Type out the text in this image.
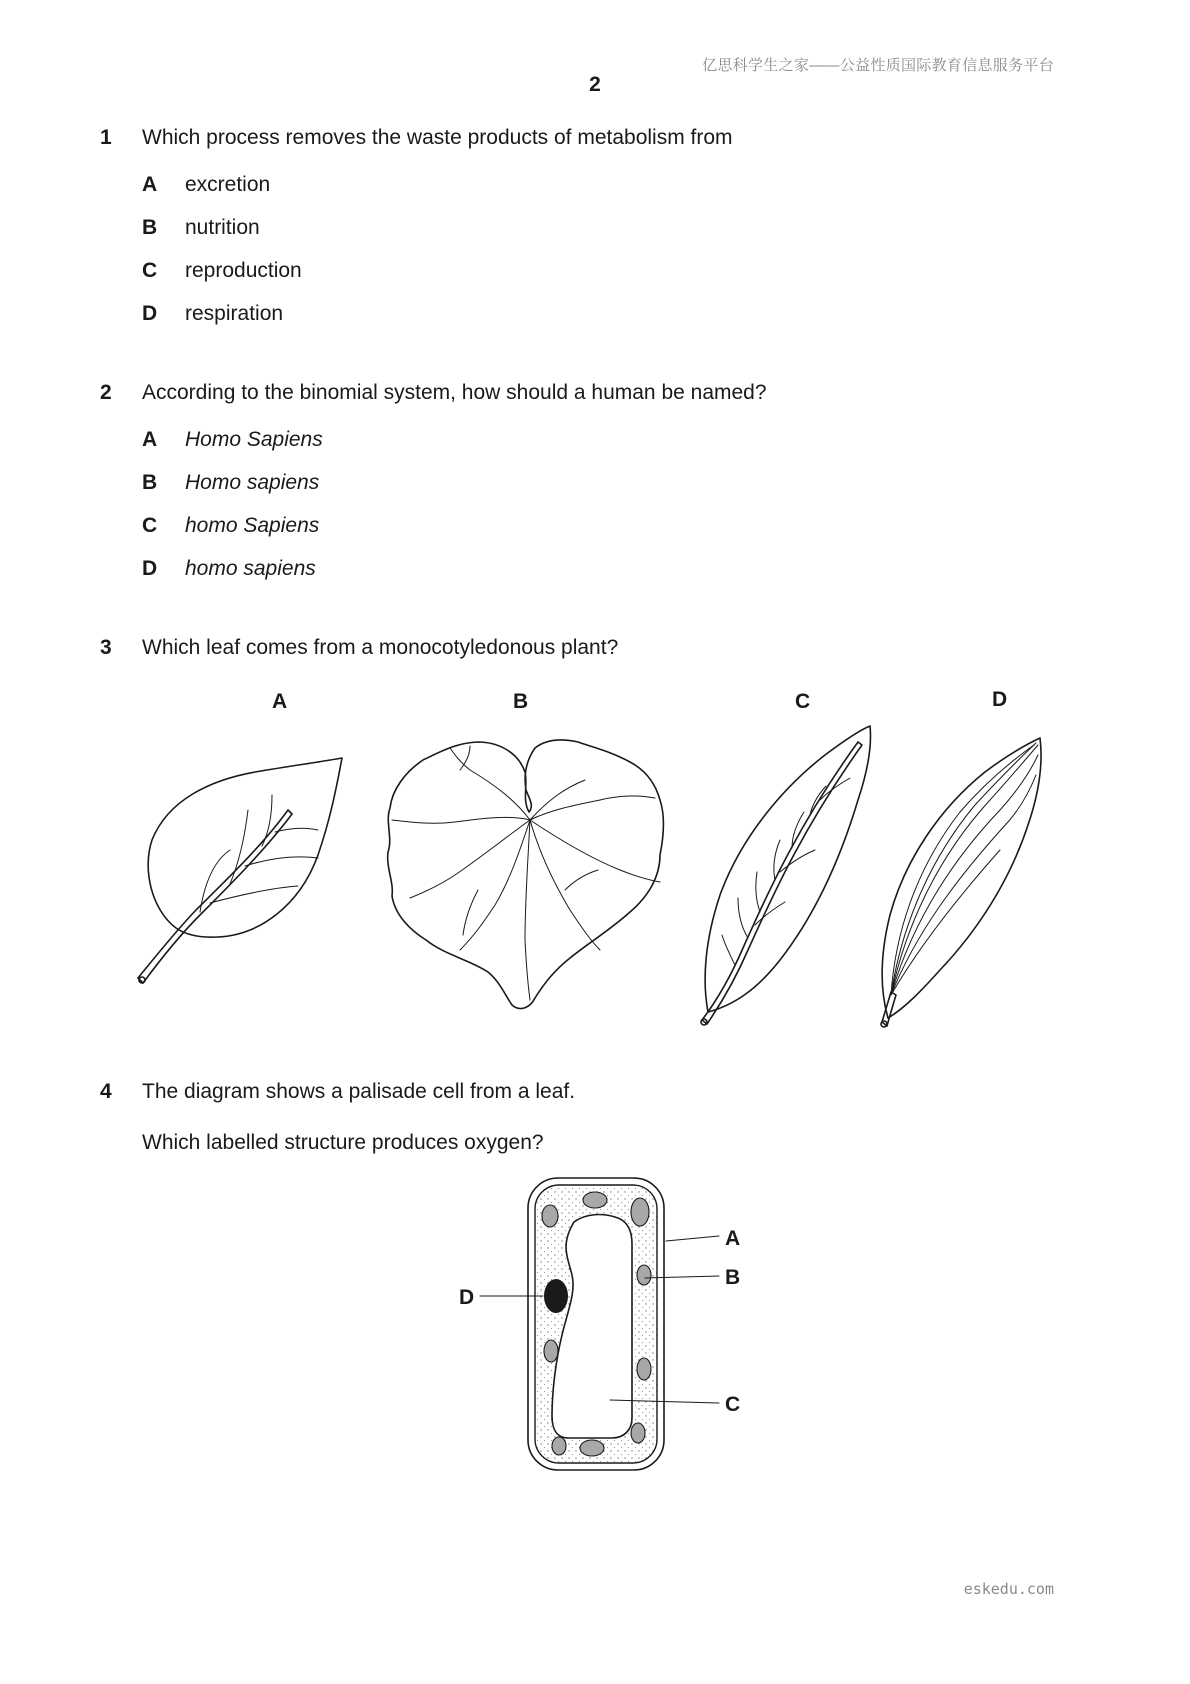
亿思科学生之家——公益性质国际教育信息服务平台
2
1 Which process removes the waste products of metabolism from
A excretion
B nutrition
C reproduction
D respiration
2 According to the binomial system, how should a human be named?
A Homo Sapiens
B Homo sapiens
C homo Sapiens
D homo sapiens
3 Which leaf comes from a monocotyledonous plant?
A	B	C	D
4 The diagram shows a palisade cell from a leaf.
Which labelled structure produces oxygen?
A
B
C
D
eskedu.com
